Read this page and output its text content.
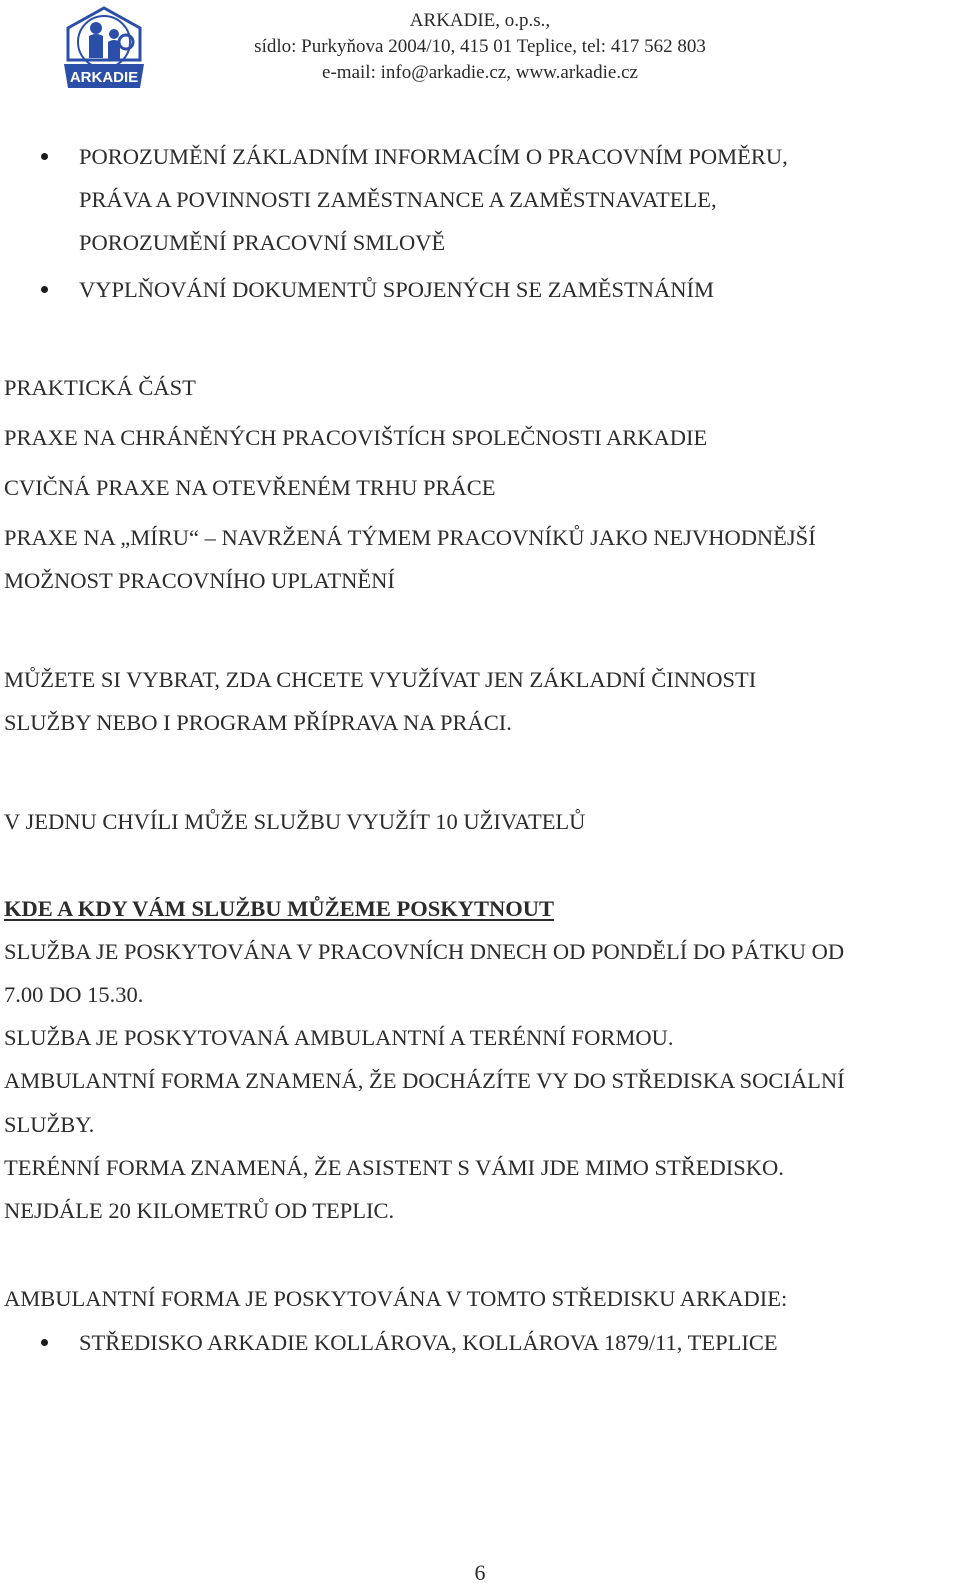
ARKADIE
ARKADIE, o.p.s.,
sídlo: Purkyňova 2004/10, 415 01 Teplice, tel: 417 562 803
e-mail: info@arkadie.cz, www.arkadie.cz
POROZUMĚNÍ ZÁKLADNÍM INFORMACÍM O PRACOVNÍM POMĚRU,
PRÁVA A POVINNOSTI ZAMĚSTNANCE A ZAMĚSTNAVATELE,
POROZUMĚNÍ PRACOVNÍ SMLOVĚ
VYPLŇOVÁNÍ DOKUMENTŮ SPOJENÝCH SE ZAMĚSTNÁNÍM
PRAKTICKÁ ČÁST
PRAXE NA CHRÁNĚNÝCH PRACOVIŠTÍCH SPOLEČNOSTI ARKADIE
CVIČNÁ PRAXE NA OTEVŘENÉM TRHU PRÁCE
PRAXE NA „MÍRU“ – NAVRŽENÁ TÝMEM PRACOVNÍKŮ JAKO NEJVHODNĚJŠÍ
MOŽNOST PRACOVNÍHO UPLATNĚNÍ
MŮŽETE SI VYBRAT, ZDA CHCETE VYUŽÍVAT JEN ZÁKLADNÍ ČINNOSTI
SLUŽBY NEBO I PROGRAM PŘÍPRAVA NA PRÁCI.
V JEDNU CHVÍLI MŮŽE SLUŽBU VYUŽÍT 10 UŽIVATELŮ
KDE A KDY VÁM SLUŽBU MŮŽEME POSKYTNOUT
SLUŽBA JE POSKYTOVÁNA V PRACOVNÍCH DNECH OD PONDĚLÍ DO PÁTKU OD
7.00 DO 15.30.
SLUŽBA JE POSKYTOVANÁ AMBULANTNÍ A TERÉNNÍ FORMOU.
AMBULANTNÍ FORMA ZNAMENÁ, ŽE DOCHÁZÍTE VY DO STŘEDISKA SOCIÁLNÍ
SLUŽBY.
TERÉNNÍ FORMA ZNAMENÁ, ŽE ASISTENT S VÁMI JDE MIMO STŘEDISKO.
NEJDÁLE 20 KILOMETRŮ OD TEPLIC.
AMBULANTNÍ FORMA JE POSKYTOVÁNA V TOMTO STŘEDISKU ARKADIE:
STŘEDISKO ARKADIE KOLLÁROVA, KOLLÁROVA 1879/11, TEPLICE
6
